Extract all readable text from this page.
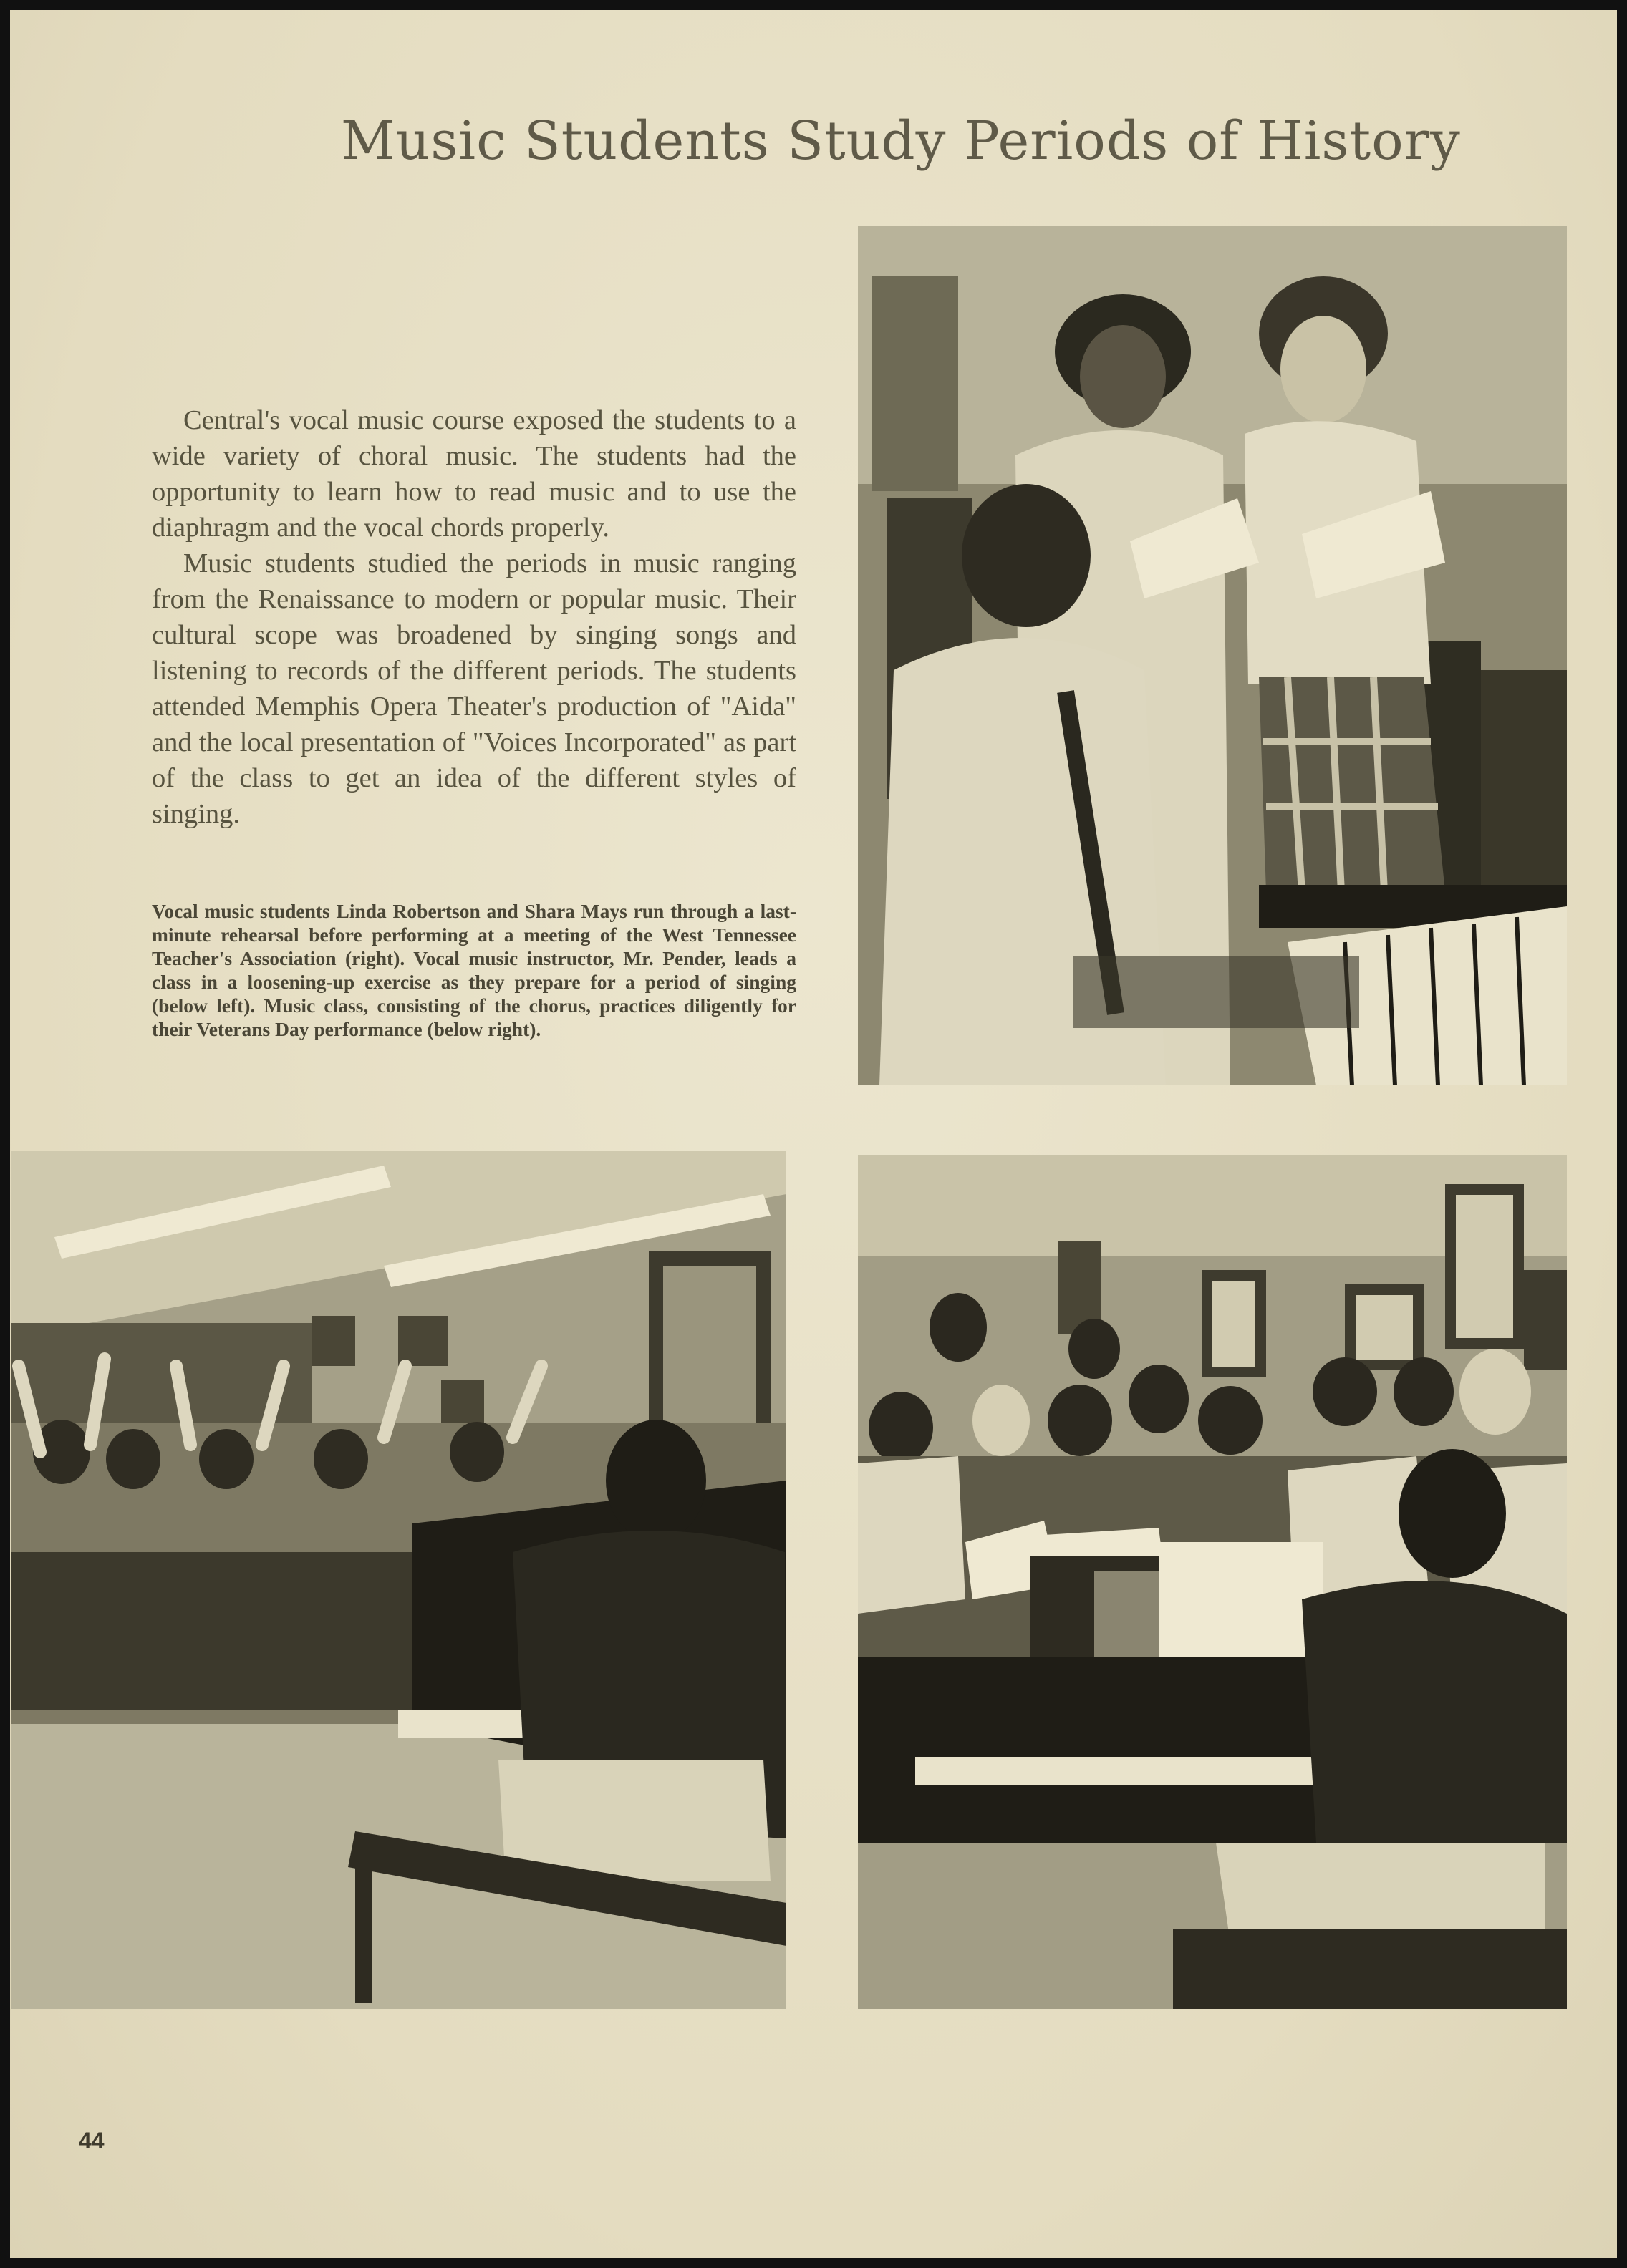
Music Students Study Periods of History

Central's vocal music course exposed the students to a wide variety of choral music. The students had the opportunity to learn how to read music and to use the diaphragm and the vocal chords properly.

Music students studied the periods in music ranging from the Renaissance to modern or popular music. Their cultural scope was broadened by singing songs and listening to records of the different periods. The students attended Memphis Opera Theater's production of "Aida" and the local presentation of "Voices Incorporated" as part of the class to get an idea of the different styles of singing.

Vocal music students Linda Robertson and Shara Mays run through a last-minute rehearsal before performing at a meeting of the West Tennessee Teacher's Association (right). Vocal music instructor, Mr. Pender, leads a class in a loosening-up exercise as they prepare for a period of singing (below left). Music class, consisting of the chorus, practices diligently for their Veterans Day performance (below right).
44
